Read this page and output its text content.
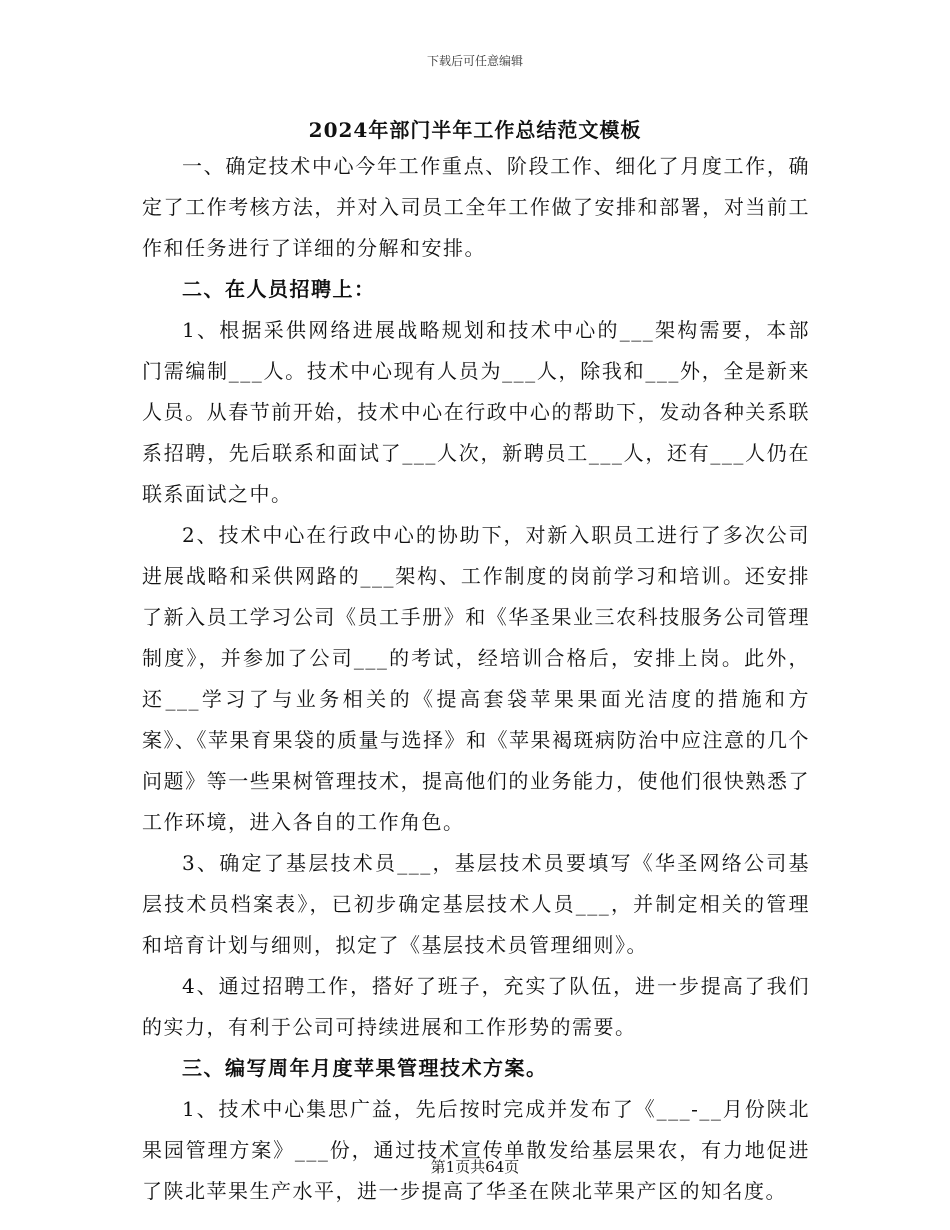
下载后可任意编辑
2024年部门半年工作总结范文模板

一、确定技术中心今年工作重点、阶段工作、细化了月度工作，确定了工作考核方法，并对入司员工全年工作做了安排和部署，对当前工作和任务进行了详细的分解和安排。

二、在人员招聘上：

1、根据采供网络进展战略规划和技术中心的___架构需要，本部门需编制___人。技术中心现有人员为___人，除我和___外，全是新来人员。从春节前开始，技术中心在行政中心的帮助下，发动各种关系联系招聘，先后联系和面试了___人次，新聘员工___人，还有___人仍在联系面试之中。

2、技术中心在行政中心的协助下，对新入职员工进行了多次公司进展战略和采供网路的___架构、工作制度的岗前学习和培训。还安排了新入员工学习公司《员工手册》和《华圣果业三农科技服务公司管理制度》，并参加了公司___的考试，经培训合格后，安排上岗。此外，还___学习了与业务相关的《提高套袋苹果果面光洁度的措施和方案》、《苹果育果袋的质量与选择》和《苹果褐斑病防治中应注意的几个问题》等一些果树管理技术，提高他们的业务能力，使他们很快熟悉了工作环境，进入各自的工作角色。

3、确定了基层技术员___，基层技术员要填写《华圣网络公司基层技术员档案表》，已初步确定基层技术人员___，并制定相关的管理和培育计划与细则，拟定了《基层技术员管理细则》。

4、通过招聘工作，搭好了班子，充实了队伍，进一步提高了我们的实力，有利于公司可持续进展和工作形势的需要。

三、编写周年月度苹果管理技术方案。

1、技术中心集思广益，先后按时完成并发布了《___-__月份陕北果园管理方案》___份，通过技术宣传单散发给基层果农，有力地促进了陕北苹果生产水平，进一步提高了华圣在陕北苹果产区的知名度。

第1页共64页
